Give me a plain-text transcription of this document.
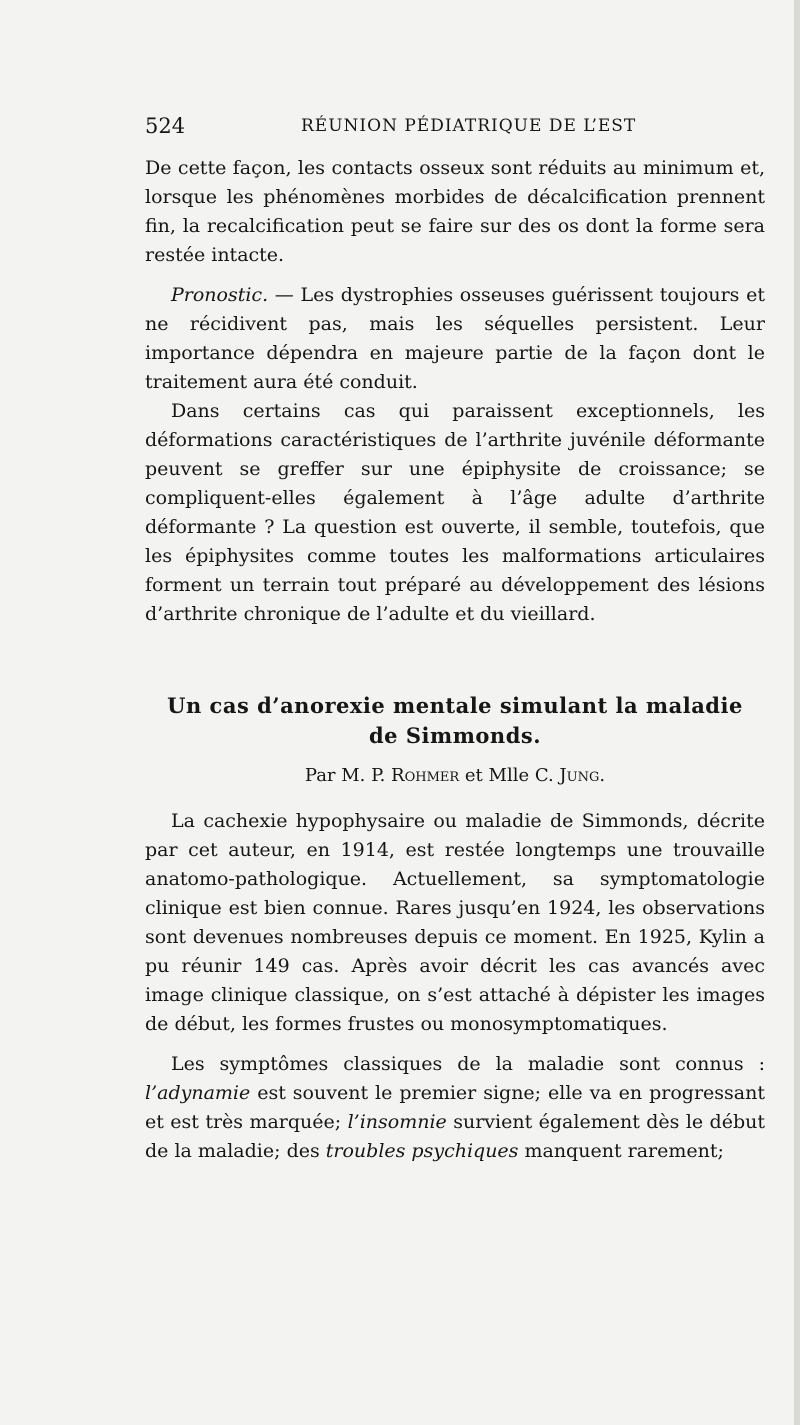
524	RÉUNION PÉDIATRIQUE DE L’EST

De cette façon, les contacts osseux sont réduits au minimum et, lorsque les phénomènes morbides de décalcification prennent fin, la recalcification peut se faire sur des os dont la forme sera restée intacte.

Pronostic. — Les dystrophies osseuses guérissent toujours et ne récidivent pas, mais les séquelles persistent. Leur importance dépendra en majeure partie de la façon dont le traitement aura été conduit.

Dans certains cas qui paraissent exceptionnels, les déformations caractéristiques de l’arthrite juvénile déformante peuvent se greffer sur une épiphysite de croissance; se compliquent-elles également à l’âge adulte d’arthrite déformante ? La question est ouverte, il semble, toutefois, que les épiphysites comme toutes les malformations articulaires forment un terrain tout préparé au développement des lésions d’arthrite chronique de l’adulte et du vieillard.

Un cas d’anorexie mentale simulant la maladie
de Simmonds.
Par M. P. Rohmer et Mlle C. Jung.

La cachexie hypophysaire ou maladie de Simmonds, décrite par cet auteur, en 1914, est restée longtemps une trouvaille anatomo-pathologique. Actuellement, sa symptomatologie clinique est bien connue. Rares jusqu’en 1924, les observations sont devenues nombreuses depuis ce moment. En 1925, Kylin a pu réunir 149 cas. Après avoir décrit les cas avancés avec image clinique classique, on s’est attaché à dépister les images de début, les formes frustes ou monosymptomatiques.

Les symptômes classiques de la maladie sont connus : l’adynamie est souvent le premier signe; elle va en progressant et est très marquée; l’insomnie survient également dès le début de la maladie; des troubles psychiques manquent rarement;
